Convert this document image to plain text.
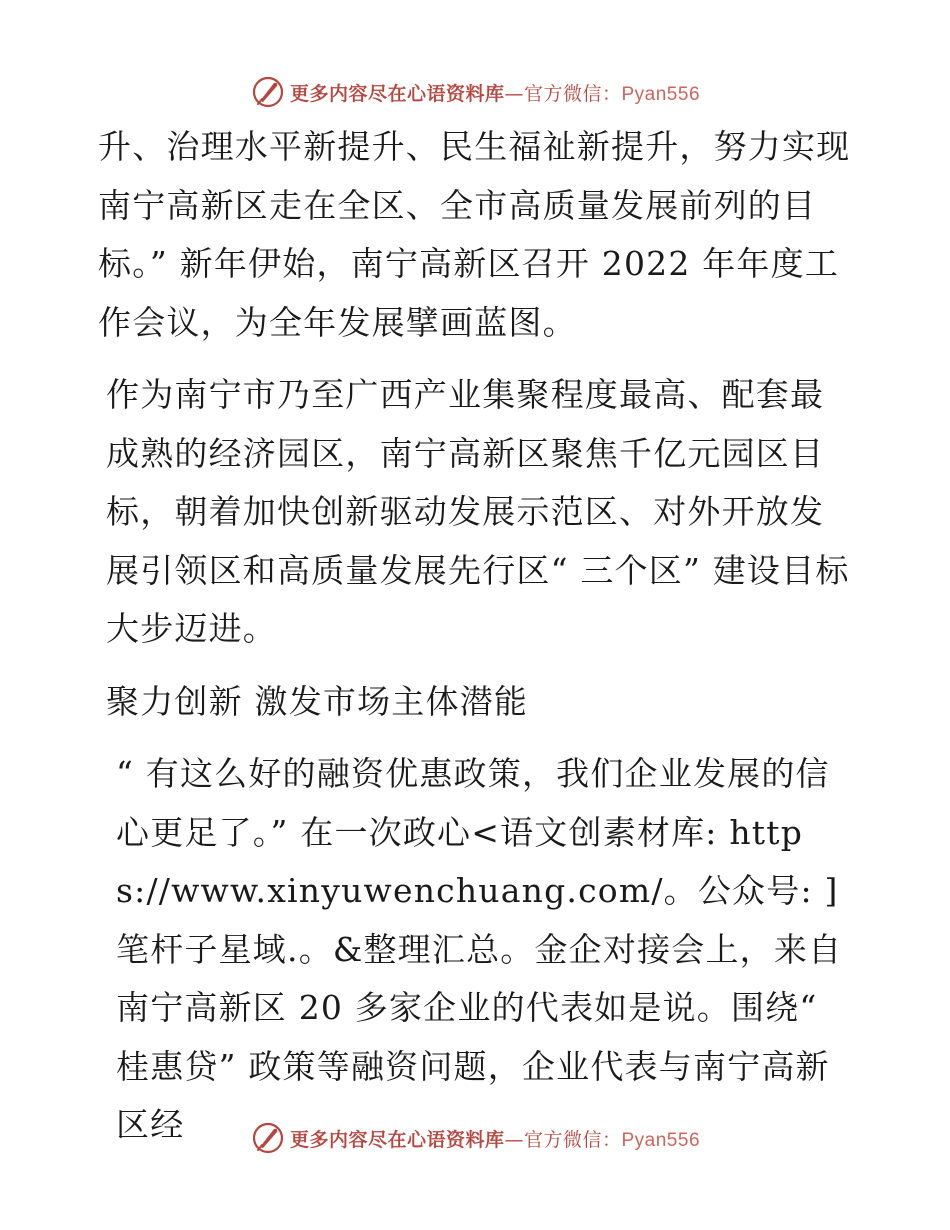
更多内容尽在心语资料库—官方微信：Pyan556

升、治理水平新提升、民生福祉新提升，努力实现南宁高新区走在全区、全市高质量发展前列的目标。” 新年伊始，南宁高新区召开 2022 年年度工作会议，为全年发展擘画蓝图。

作为南宁市乃至广西产业集聚程度最高、配套最成熟的经济园区，南宁高新区聚焦千亿元园区目标，朝着加快创新驱动发展示范区、对外开放发展引领区和高质量发展先行区“ 三个区” 建设目标大步迈进。

聚力创新 激发市场主体潜能

“ 有这么好的融资优惠政策，我们企业发展的信心更足了。” 在一次政心<语文创素材库: https://www.xinyuwenchuang.com/。公众号: ]笔杆子星域.。&整理汇总。金企对接会上，来自南宁高新区 20 多家企业的代表如是说。围绕“ 桂惠贷” 政策等融资问题，企业代表与南宁高新区经	更多内容尽在心语资料库—官方微信：Pyan556
